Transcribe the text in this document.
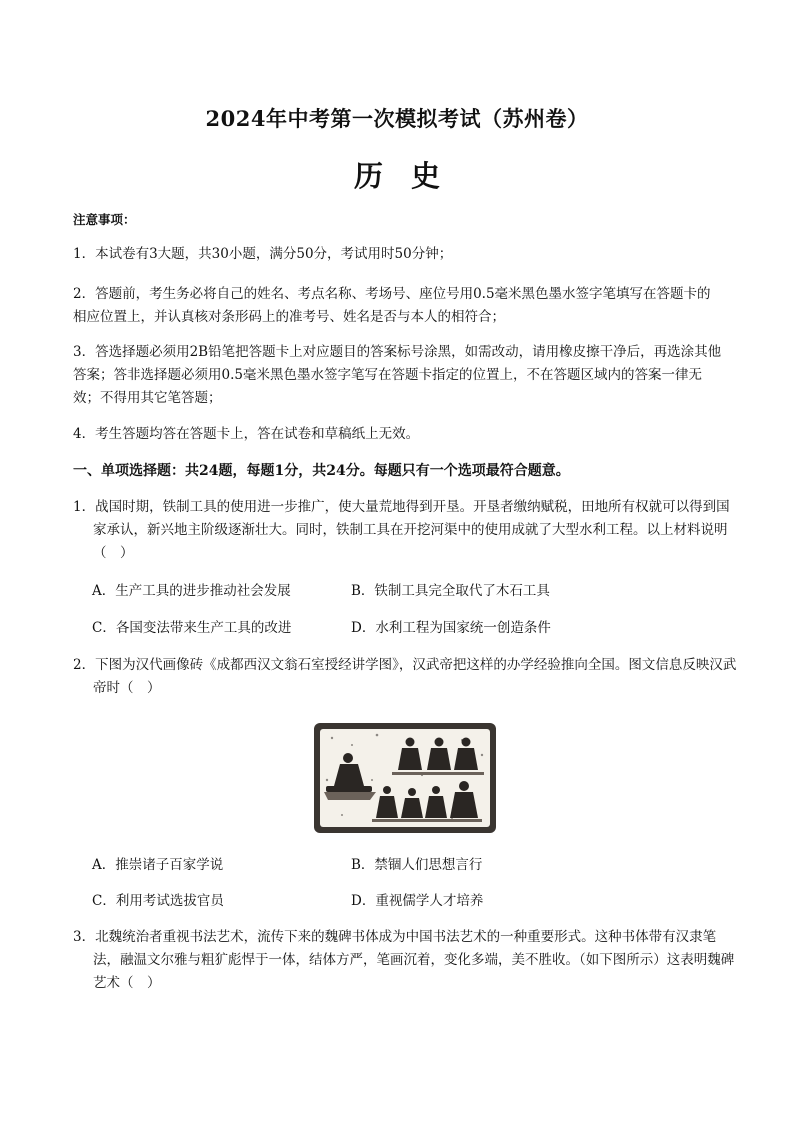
2024年中考第一次模拟考试（苏州卷）
历史
注意事项：
1．本试卷有3大题，共30小题，满分50分，考试用时50分钟；
2．答题前，考生务必将自己的姓名、考点名称、考场号、座位号用0.5毫米黑色墨水签字笔填写在答题卡的相应位置上，并认真核对条形码上的准考号、姓名是否与本人的相符合；
3．答选择题必须用2B铅笔把答题卡上对应题目的答案标号涂黑，如需改动，请用橡皮擦干净后，再选涂其他答案；答非选择题必须用0.5毫米黑色墨水签字笔写在答题卡指定的位置上，不在答题区域内的答案一律无效；不得用其它笔答题；
4．考生答题均答在答题卡上，答在试卷和草稿纸上无效。
一、单项选择题：共24题，每题1分，共24分。每题只有一个选项最符合题意。
1．战国时期，铁制工具的使用进一步推广，使大量荒地得到开垦。开垦者缴纳赋税，田地所有权就可以得到国家承认，新兴地主阶级逐渐壮大。同时，铁制工具在开挖河渠中的使用成就了大型水利工程。以上材料说明（　）
A．生产工具的进步推动社会发展	B．铁制工具完全取代了木石工具
C．各国变法带来生产工具的改进	D．水利工程为国家统一创造条件
2．下图为汉代画像砖《成都西汉文翁石室授经讲学图》，汉武帝把这样的办学经验推向全国。图文信息反映汉武帝时（　）
A．推崇诸子百家学说	B．禁锢人们思想言行
C．利用考试选拔官员	D．重视儒学人才培养
3．北魏统治者重视书法艺术，流传下来的魏碑书体成为中国书法艺术的一种重要形式。这种书体带有汉隶笔法，融温文尔雅与粗犷彪悍于一体，结体方严，笔画沉着，变化多端，美不胜收。（如下图所示）这表明魏碑艺术（　）
